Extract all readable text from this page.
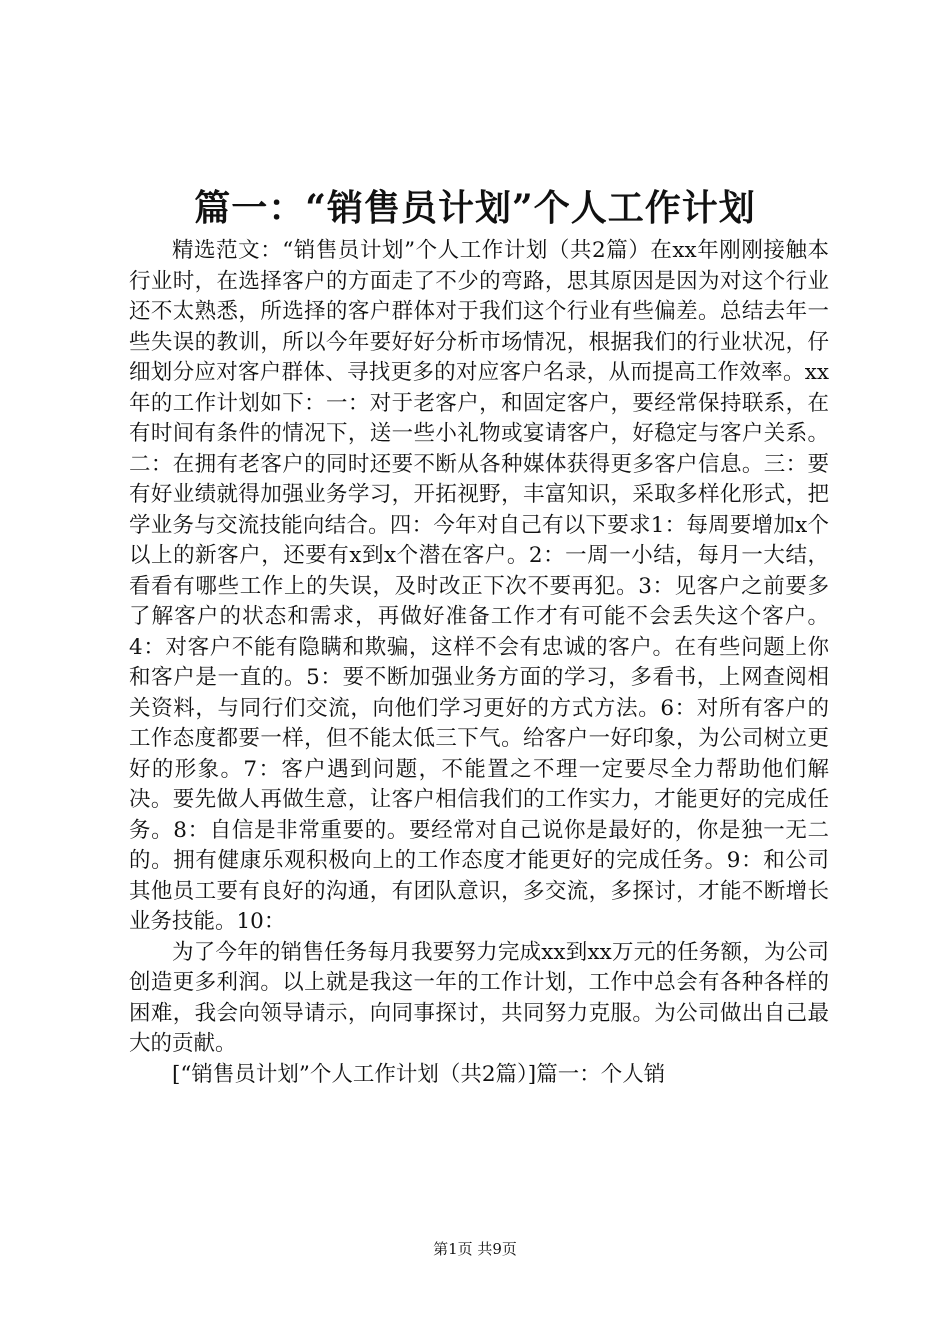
篇一：“销售员计划”个人工作计划

精选范文：“销售员计划”个人工作计划（共2篇）在xx年刚刚接触本行业时，在选择客户的方面走了不少的弯路，思其原因是因为对这个行业还不太熟悉，所选择的客户群体对于我们这个行业有些偏差。总结去年一些失误的教训，所以今年要好好分析市场情况，根据我们的行业状况，仔细划分应对客户群体、寻找更多的对应客户名录，从而提高工作效率。xx年的工作计划如下：一：对于老客户，和固定客户，要经常保持联系，在有时间有条件的情况下，送一些小礼物或宴请客户，好稳定与客户关系。二：在拥有老客户的同时还要不断从各种媒体获得更多客户信息。三：要有好业绩就得加强业务学习，开拓视野，丰富知识，采取多样化形式，把学业务与交流技能向结合。四：今年对自己有以下要求1：每周要增加x个以上的新客户，还要有x到x个潜在客户。2：一周一小结，每月一大结，看看有哪些工作上的失误，及时改正下次不要再犯。3：见客户之前要多了解客户的状态和需求，再做好准备工作才有可能不会丢失这个客户。4：对客户不能有隐瞒和欺骗，这样不会有忠诚的客户。在有些问题上你和客户是一直的。5：要不断加强业务方面的学习，多看书，上网查阅相关资料，与同行们交流，向他们学习更好的方式方法。6：对所有客户的工作态度都要一样，但不能太低三下气。给客户一好印象，为公司树立更好的形象。7：客户遇到问题，不能置之不理一定要尽全力帮助他们解决。要先做人再做生意，让客户相信我们的工作实力，才能更好的完成任务。8：自信是非常重要的。要经常对自己说你是最好的，你是独一无二的。拥有健康乐观积极向上的工作态度才能更好的完成任务。9：和公司其他员工要有良好的沟通，有团队意识，多交流，多探讨，才能不断增长业务技能。10：

为了今年的销售任务每月我要努力完成xx到xx万元的任务额，为公司创造更多利润。以上就是我这一年的工作计划，工作中总会有各种各样的困难，我会向领导请示，向同事探讨，共同努力克服。为公司做出自己最大的贡献。

[“销售员计划”个人工作计划（共2篇）]篇一：个人销

第1页 共9页
